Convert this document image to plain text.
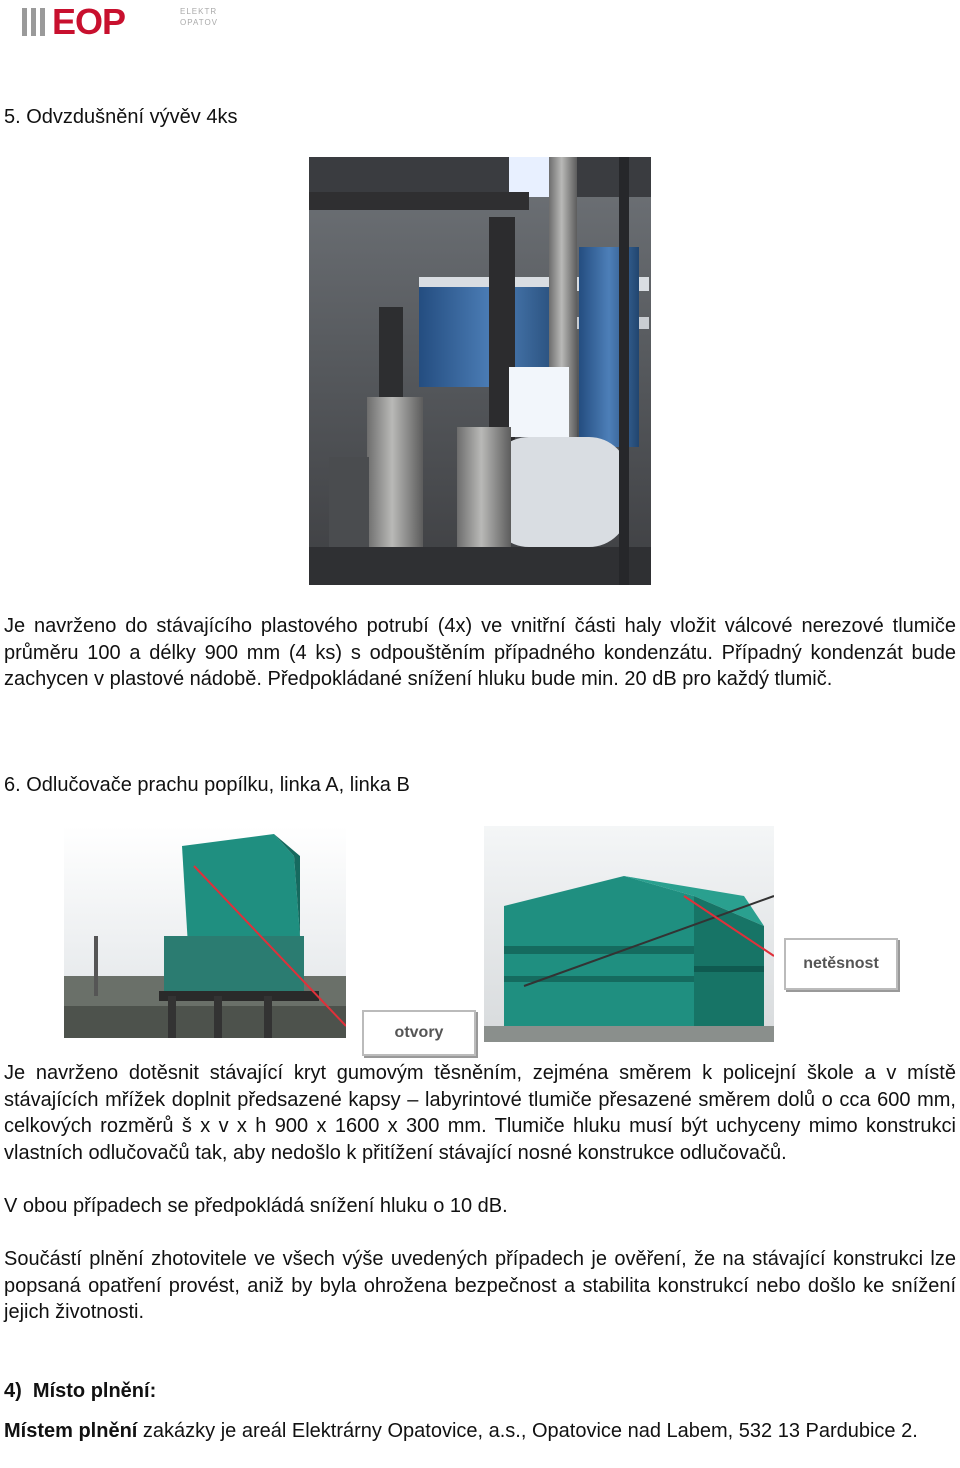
EOP	ELEKTR
OPATOV
5. Odvzdušnění vývěv 4ks

Je navrženo do stávajícího plastového potrubí (4x) ve vnitřní části haly vložit válcové nerezové tlumiče průměru 100 a délky 900 mm (4 ks) s odpouštěním případného kondenzátu. Případný kondenzát bude zachycen v plastové nádobě. Předpokládané snížení hluku bude min. 20 dB pro každý tlumič.

6. Odlučovače prachu popílku, linka A, linka B
otvory
netěsnost

Je navrženo dotěsnit stávající kryt gumovým těsněním, zejména směrem k policejní škole a v místě stávajících mřížek doplnit předsazené kapsy – labyrintové tlumiče přesazené směrem dolů o cca 600 mm, celkových rozměrů š x v x h 900 x 1600 x 300 mm. Tlumiče hluku musí být uchyceny mimo konstrukci vlastních odlučovačů tak, aby nedošlo k přitížení stávající nosné konstrukce odlučovačů.

V obou případech se předpokládá snížení hluku o 10 dB.

Součástí plnění zhotovitele ve všech výše uvedených případech je ověření, že na stávající konstrukci lze popsaná opatření provést, aniž by byla ohrožena bezpečnost a stabilita konstrukcí nebo došlo ke snížení jejich životnosti.

4) Místo plnění:

Místem plnění zakázky je areál Elektrárny Opatovice, a.s., Opatovice nad Labem, 532 13 Pardubice 2.
